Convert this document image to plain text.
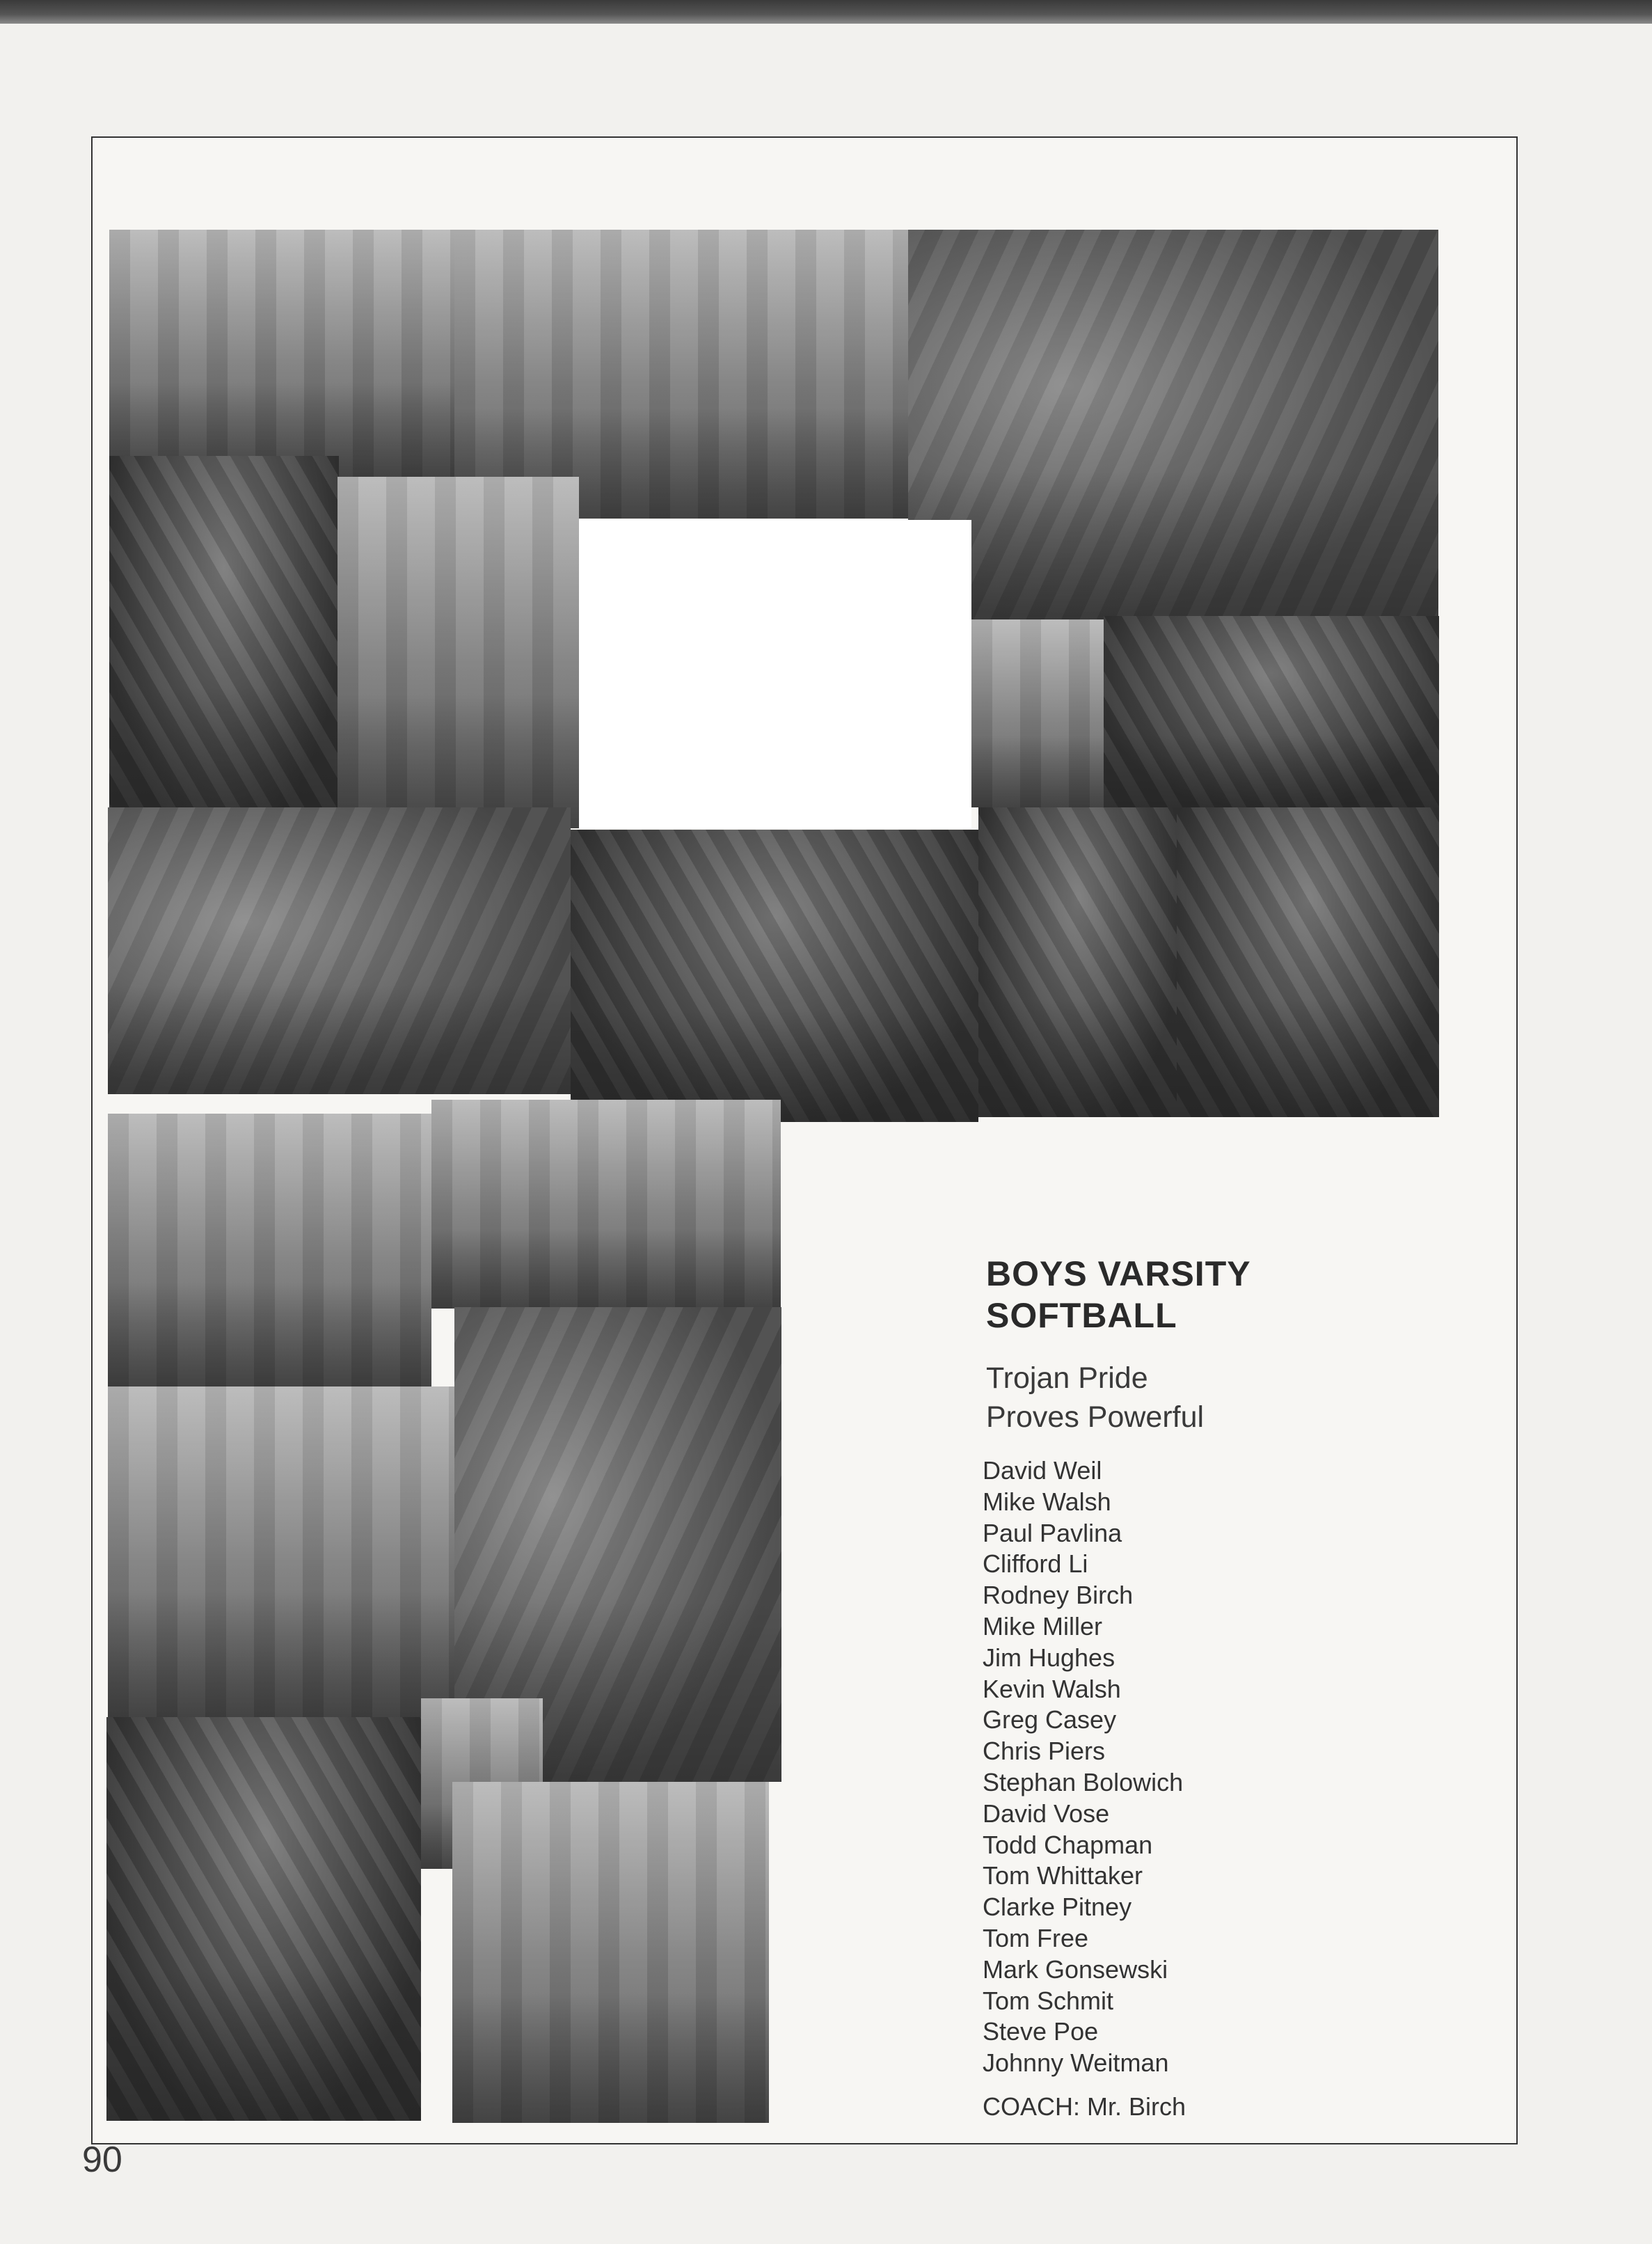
BOYS VARSITY
SOFTBALL
Trojan Pride
Proves Powerful
David Weil
Mike Walsh
Paul Pavlina
Clifford Li
Rodney Birch
Mike Miller
Jim Hughes
Kevin Walsh
Greg Casey
Chris Piers
Stephan Bolowich
David Vose
Todd Chapman
Tom Whittaker
Clarke Pitney
Tom Free
Mark Gonsewski
Tom Schmit
Steve Poe
Johnny Weitman
COACH: Mr. Birch
90
